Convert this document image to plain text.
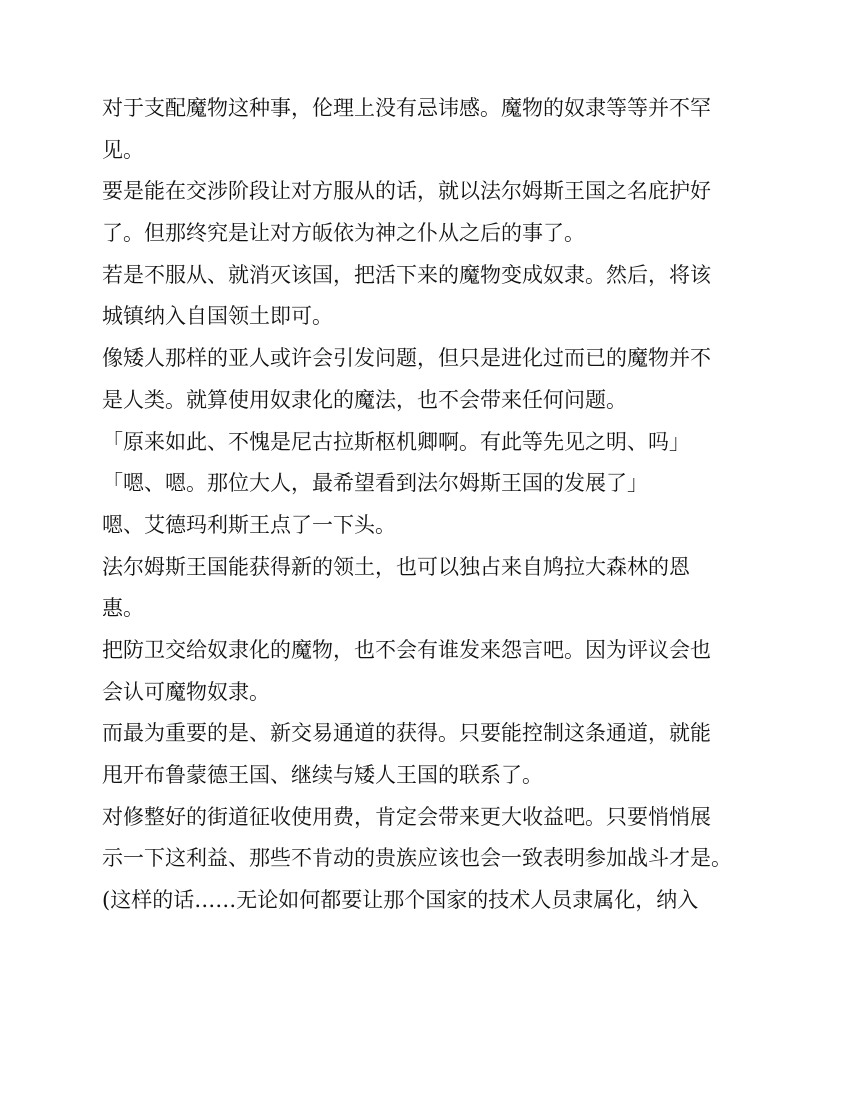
对于支配魔物这种事，伦理上没有忌讳感。魔物的奴隶等等并不罕
见。
要是能在交涉阶段让对方服从的话，就以法尔姆斯王国之名庇护好
了。但那终究是让对方皈依为神之仆从之后的事了。
若是不服从、就消灭该国，把活下来的魔物变成奴隶。然后，将该
城镇纳入自国领土即可。
像矮人那样的亚人或许会引发问题，但只是进化过而已的魔物并不
是人类。就算使用奴隶化的魔法，也不会带来任何问题。
「原来如此、不愧是尼古拉斯枢机卿啊。有此等先见之明、吗」
「嗯、嗯。那位大人，最希望看到法尔姆斯王国的发展了」
嗯、艾德玛利斯王点了一下头。
法尔姆斯王国能获得新的领土，也可以独占来自鸠拉大森林的恩
惠。
把防卫交给奴隶化的魔物，也不会有谁发来怨言吧。因为评议会也
会认可魔物奴隶。
而最为重要的是、新交易通道的获得。只要能控制这条通道，就能
甩开布鲁蒙德王国、继续与矮人王国的联系了。
对修整好的街道征收使用费，肯定会带来更大收益吧。只要悄悄展
示一下这利益、那些不肯动的贵族应该也会一致表明参加战斗才是。
(这样的话……无论如何都要让那个国家的技术人员隶属化，纳入
